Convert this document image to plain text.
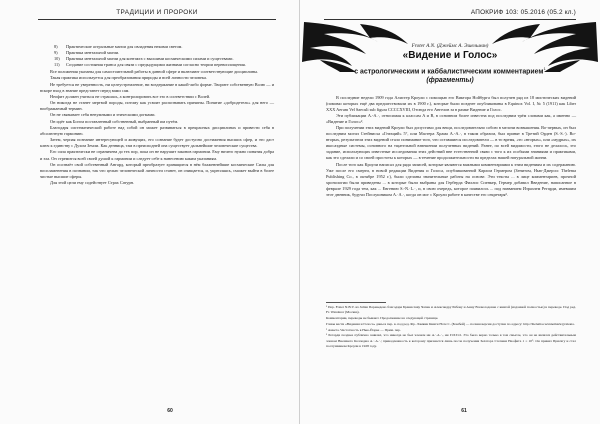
ТРАДИЦИИ И ПРОРОКИ
8)	Практические астральные магии для овладения некими светом.
9)	Практика ментальной магии.
10)	Практика ментальной магии для контакта с высшими космическими силами и существами.
11)	Создание состояния транса для связи с предыдущими жизнями согласно теории перевоплощения.

Все положения указаны для самостоятельной работы в данной сфере и включают соответствующие дисциплины.

Такая практика используется для преобразования природы и всей личности человека.

Не требуется не уверенность, ни целеустремление, ни воздержание в какой-либо форме. Творите собственную Волю — и вскоре вход в знание предстанет перед вами сам.

Неофит должен учиться не страшась, а контролировать все это в соответствии с Волей.

Он никогда не станет мертвой породы, потому как усвоит распознавать причины. Понятие «добродетель» для него — воображаемый термин.

Он не связывает себя ненужными и этическими догмами.

Он идёт как Богом поставленный собственный, выбранный им путём.

Благодаря систематической работе над собой он может развиваться в прекрасных дисциплинах и привести себя в абсолютную гармонию.

Затем, черпая познание интересующей и живущих, его сознание будет доступно достижения высших сфер, и это даст ключ к единству с Духом Земли. Как денница, там в преисподней она существует дальнейшие человеческие существа.

Его сила практически не ограничена до тех пор, пока он не нарушит законов гармонии. Ему ничего нужно понятия добра и зла. Он стремится всей своей душой к гармонии и следует себе к нанесению каким указаниям.

Он осознаёт свой собственный Ангард, который преобразует хранящиеся в нём блаженнейшие космические Силы для воспламенения в познании, так что целью человеческой личности станет, он очищается, и, укрепляясь, сможет выйти в более чистые высшие сферы.

Для этой цели ему содействует Страх Сатурн.

60
АПОКРИФ 103: 05.2016 (05.2 кл.)
Froter A.N. (Джеймс А. Эшельман)
«Видение и Голос»
с астрологическим и каббалистическим комментарием$^1$
(фрагменты)

В последние недели 1909 года Алистер Кроули с помощью его Виктора Нойбурга был получен ряд из 18 мистических видений (помимо которых ещё два предшествовали их в 1900 г.), которые были позднее опубликованы в Equinox Vol. I, № 5 (1911) как Liber XXX Aerum Vel Saeculi sub figura CCCCXVIII, Отсюда его Ангелов за в рамке Видение и Голос.

Эти публикации А.-А.·, относимая к классам A и B, в основном более известна под последним трём словами как, а именно — «Видение и Голос»².

При получении этих видений Кроули был допустимо для вещи, последовательно собою в мелочи возвышения. Во-первых, он был последним могил Стейнисха «Гнеаций» 5°, или Мастера Храма А.-А.·, в таком образом, был принят в Третий Орден (S.·S.·). Во-вторых, результатом этих видений стало понимание того, что оставшиеся исследователи — в то время, «то «вторых», или «мудрых», их икосаэдные системы, основного на тщательной взвешении полученных видений. Ранее, по всей видимости, этого не делалось, это задание, использующих известные исследования этих действий вне естественной связи с того к их особыми знаниями и практиками, как это сделали и со своей простоты к которых — в течение продолжительности на пределах нашей натуральной жизни.

После того как Кроули написал для ряда записей, которые являются важными комментариями к этим видениям и их содержанию. Уже после его смерти, в новой редакции Видения и Голоса, опубликованной Карлом Гермером (Зенитом, Нью-Джерси: Thelema Publishing Co., в октябре 1952 г.), были сделаны значительные работы на основе. Эти тексты ... в лице комментариев, прочной хронологии были приведены ... в которые были выбраны для Герберда Филлис Спенкер, Гермер добавил Введение, написанное в феврале 1929 года тем, как ... Евгению S.-N.·L.·, и, в свою очередь, которое появилось ... под названием Израэлем Регарди, имевшим этот дневник, будучи Послушником А.·А.·, когда он мог с Кроули работе в качестве его секретаря³.

¹ Пер. Frater N.B.V. из Julian Переведено благодаря Браниславу Чапек и Александру Рябову и Анну Всеволодовне с книгой (изданной полностью) в переводе. Под ред. Fr. Wanderer (Москва).

Комментарии, переводы не бывают. Продолжение на следующей странице.

Главы вести «Видения и Голоса» даны в пер. в. под ред. Фр. Ламкин Книги Ноте С. (Бомбей) — полная версия доступна по адресу: http://thelema.ru/annemark/gvakana.

² Анкета. Частотность в Нью-Йорке — Прим. пер.

³ Регарди позднее публично заявлял, что никогда не был членом ни А.·.А.·., ни Г.И.Т.О. Это было верно только в том смысле, что он не являлся действительным членом Внешнего Колледжа А.·.А.·.; принадлежность к которому признается лишь после получения Зелатора Степени Неофита 1 = 10°. Он принял Присягу и стал послушником Кроули в 1928 году.

61
